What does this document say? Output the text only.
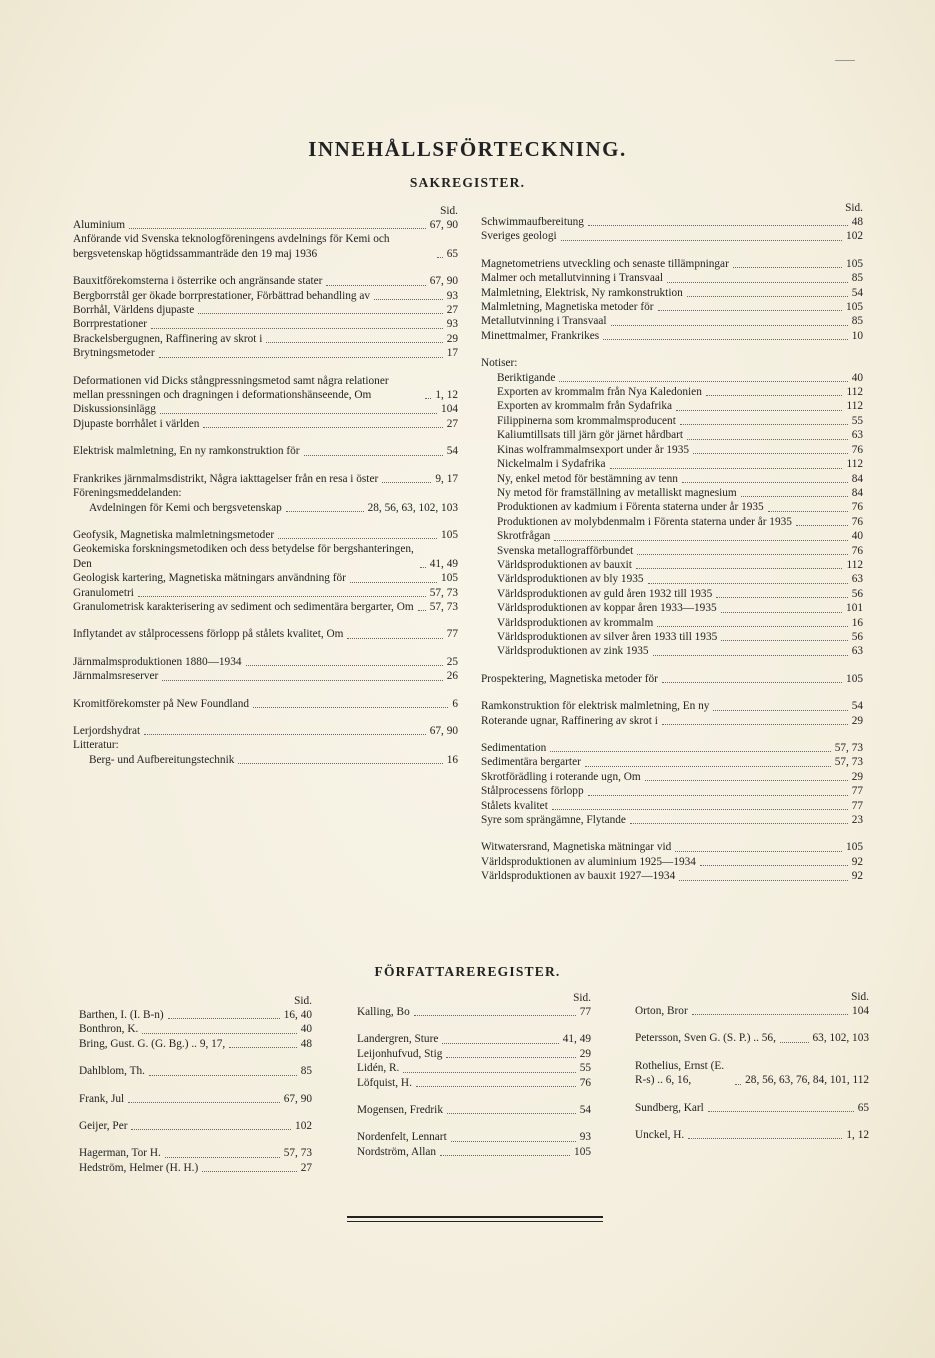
INNEHÅLLSFÖRTECKNING.
SAKREGISTER.
Sid.
Aluminium	67, 90
Anförande vid Svenska teknologföreningens avdelnings för Kemi och bergsvetenskap högtidssammanträde den 19 maj 1936	65
Bauxitförekomsterna i österrike och angränsande stater	67, 90
Bergborrstål ger ökade borrprestationer, Förbättrad behandling av	93
Borrhål, Världens djupaste	27
Borrprestationer	93
Brackelsbergugnen, Raffinering av skrot i	29
Brytningsmetoder	17
Deformationen vid Dicks stångpressningsmetod samt några relationer mellan pressningen och dragningen i deformationshänseende, Om	1, 12
Diskussionsinlägg	104
Djupaste borrhålet i världen	27
Elektrisk malmletning, En ny ramkonstruktion för	54
Frankrikes järnmalmsdistrikt, Några iakttagelser från en resa i öster	9, 17
Föreningsmeddelanden:
Avdelningen för Kemi och bergsvetenskap	28, 56, 63, 102, 103
Geofysik, Magnetiska malmletningsmetoder	105
Geokemiska forskningsmetodiken och dess betydelse för bergshanteringen, Den	41, 49
Geologisk kartering, Magnetiska mätningars användning för	105
Granulometri	57, 73
Granulometrisk karakterisering av sediment och sedimentära bergarter, Om 57, 73
Inflytandet av stålprocessens förlopp på stålets kvalitet, Om	77
Järnmalmsproduktionen 1880—1934	25
Järnmalmsreserver	26
Kromitförekomster på New Foundland	6
Lerjordshydrat	67, 90
Litteratur:
Berg- und Aufbereitungstechnik	16
Sid.
Schwimmaufbereitung	48
Sveriges geologi	102
Magnetometriens utveckling och senaste tillämpningar	105
Malmer och metallutvinning i Transvaal	85
Malmletning, Elektrisk, Ny ramkonstruktion	54
Malmletning, Magnetiska metoder för	105
Metallutvinning i Transvaal	85
Minettmalmer, Frankrikes	10
Notiser:
Beriktigande	40
Exporten av krommalm från Nya Kaledonien	112
Exporten av krommalm från Sydafrika	112
Filippinerna som krommalmsproducent	55
Kaliumtillsats till järn gör järnet hårdbart	63
Kinas wolframmalmsexport under år 1935	76
Nickelmalm i Sydafrika	112
Ny, enkel metod för bestämning av tenn	84
Ny metod för framställning av metalliskt magnesium	84
Produktionen av kadmium i Förenta staterna under år 1935	76
Produktionen av molybdenmalm i Förenta staterna under år 1935	76
Skrotfrågan	40
Svenska metallografförbundet	76
Världsproduktionen av bauxit	112
Världsproduktionen av bly 1935	63
Världsproduktionen av guld åren 1932 till 1935	56
Världsproduktionen av koppar åren 1933—1935	101
Världsproduktionen av krommalm	16
Världsproduktionen av silver åren 1933 till 1935	56
Världsproduktionen av zink 1935	63
Prospektering, Magnetiska metoder för	105
Ramkonstruktion för elektrisk malmletning, En ny	54
Roterande ugnar, Raffinering av skrot i	29
Sedimentation	57, 73
Sedimentära bergarter	57, 73
Skrotförädling i roterande ugn, Om	29
Stålprocessens förlopp	77
Stålets kvalitet	77
Syre som sprängämne, Flytande	23
Witwatersrand, Magnetiska mätningar vid	105
Världsproduktionen av aluminium 1925—1934	92
Världsproduktionen av bauxit 1927—1934	92
FÖRFATTAREREGISTER.
Sid.
Barthen, I. (I. B-n)	16, 40
Bonthron, K.	40
Bring, Gust. G. (G. Bg.) .. 9, 17,	48
Dahlblom, Th.	85
Frank, Jul	67, 90
Geijer, Per	102
Hagerman, Tor H.	57, 73
Hedström, Helmer (H. H.)	27
Sid.
Kalling, Bo	77
Landergren, Sture	41, 49
Leijonhufvud, Stig	29
Lidén, R.	55
Löfquist, H.	76
Mogensen, Fredrik	54
Nordenfelt, Lennart	93
Nordström, Allan	105
Sid.
Orton, Bror	104
Petersson, Sven G. (S. P.) .. 56,	63, 102, 103
Rothelius, Ernst (E. R-s) .. 6, 16,	28, 56, 63, 76, 84, 101, 112
Sundberg, Karl	65
Unckel, H.	1, 12
